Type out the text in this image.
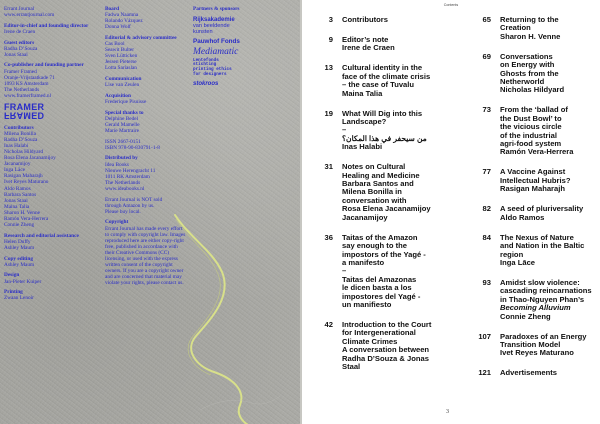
Errant Journal
www.errantjournal.com
Editor-in-chief and founding director
Irene de Craen
Guest editors
Radha D’Souza
Jonas Staal
Co-publisher and founding partner
Framer Framed
Oranje-Vrijstaatkade 71
1093 KS Amsterdam
The Netherlands
www.framerframed.nl
FRAMER
FRAMED
Contributors
Milena Bonilla
Radha D’Souza
Inas Halabi
Nicholas Hildyard
Rosa Elena Jacanamijoy
Jacanamijoy
Inga Lāce
Rasigan Maharajh
Ivet Reyes Maturano
Aldo Ramos
Barbara Santos
Jonas Staal
Maina Talia
Sharon H. Venne
Ramón Vera-Herrera
Connie Zheng
Research and editorial assistance
Helen Duffy
Ashley Maum
Copy editing
Ashley Maum
Design
Jan-Pieter Kuiper
Printing
Zwaan Lenoir
Board
Fadwa Naamna
Rolando Vázquez
Donna Wolf
Editorial & advisory committee
Cas Bool
Seawit Bulter
Sven Lütticken
Jessen Pieterse
Lotta Sariaslan
Communication
Lise van Zeulen
Acquisition
Frederique Pisuisse
Special thanks to
Delphine Bedel
Gerald Mamelle
Marie Martraire
ISSN 2667-0151
ISBN 978-90-830791-1-8
Distributed by
Idea Books
Nieuwe Herengracht 11
1011 RK Amsterdam
The Netherlands
www.ideabooks.nl
Errant Journal is NOT sold
through Amazon by us.
Please buy local.
Copyright
Errant Journal has made every effort to comply with copyright law. Images reproduced here are either copy-right free, published in accordance with their Creative Commons (CC) licensing, or used with the express written consent of the copyright owners. If you are a copyright owner and are concerned that material may violate your rights, please contact us.
Partners & sponsors
Rijksakademie
van beeldende
kunsten
Pauwhof Fonds
Mediamatic
Lentefonds
stichting
printing ethics
for designers
stokroos
Contents
3	Contributors
9	Editor’s note
Irene de Craen
13	Cultural identity in the
face of the climate crisis
– the case of Tuvalu
Maina Talia
19	What Will Dig into this
Landscape?
–
من سيحفر في هذا المكان؟
Inas Halabi
31	Notes on Cultural
Healing and Medicine
Barbara Santos and
Milena Bonilla in
conversation with
Rosa Elena Jacanamijoy
Jacanamijoy
36	Taitas of the Amazon
say enough to the
impostors of the Yagé -
a manifesto
–
Taitas del Amazonas
le dicen basta a los
impostores del Yagé -
un manifiesto
42	Introduction to the Court
for Intergenerational
Climate Crimes
A conversation between
Radha D’Souza & Jonas
Staal
65	Returning to the
Creation
Sharon H. Venne
69	Conversations
on Energy with
Ghosts from the
Netherworld
Nicholas Hildyard
73	From the ‘ballad of
the Dust Bowl’ to
the vicious circle
of the industrial
agri-food system
Ramón Vera-Herrera
77	A Vaccine Against
Intellectual Hubris?
Rasigan Maharajh
82	A seed of pluriversality
Aldo Ramos
84	The Nexus of Nature
and Nation in the Baltic
region
Inga Lāce
93	Amidst slow violence:
cascading reincarnations
in Thao-Nguyen Phan’s
Becoming Alluvium
Connie Zheng
107	Paradoxes of an Energy
Transition Model
Ivet Reyes Maturano
121	Advertisements
3
